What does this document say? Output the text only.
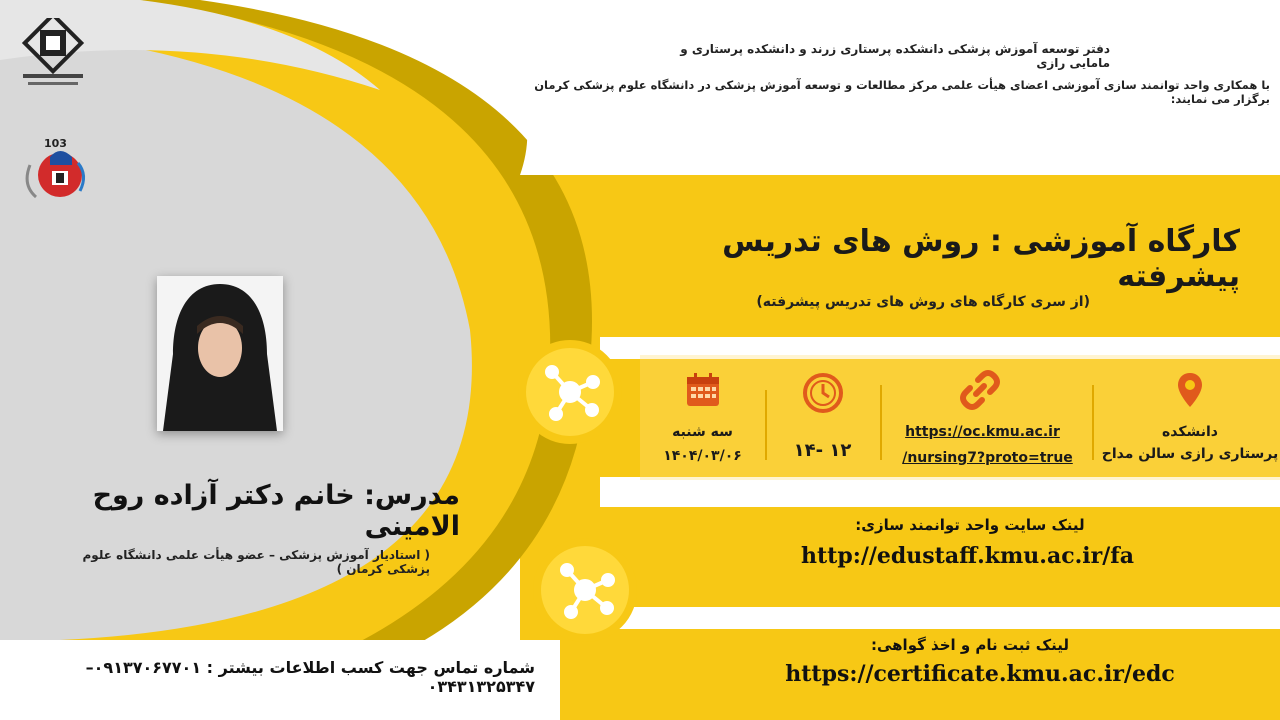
103
دفتر توسعه آموزش پزشکی دانشکده پرستاری زرند و دانشکده پرستاری و مامایی رازی
با همکاری واحد توانمند سازی آموزشی اعضای هیأت علمی مرکز مطالعات و توسعه آموزش پزشکی در دانشگاه علوم پزشکی کرمان برگزار می نمایند:
کارگاه آموزشی : روش های تدریس پیشرفته
(از سری کارگاه های روش های تدریس پیشرفته)
دانشکده
پرستاری رازی سالن مداح
https://oc.kmu.ac.ir
/nursing7?proto=true
۱۲ -۱۴
سه شنبه
۱۴۰۴/۰۳/۰۶
لینک سایت واحد توانمند سازی:
http://edustaff.kmu.ac.ir/fa
لینک ثبت نام و اخذ گواهی:
https://certificate.kmu.ac.ir/edc
مدرس: خانم دکتر آزاده روح الامینی
( استادیار آموزش پزشکی – عضو هیأت علمی دانشگاه علوم پزشکی کرمان )
شماره تماس جهت کسب اطلاعات بیشتر : ۰۹۱۳۷۰۶۷۷۰۱– ۰۳۴۳۱۳۲۵۳۴۷
